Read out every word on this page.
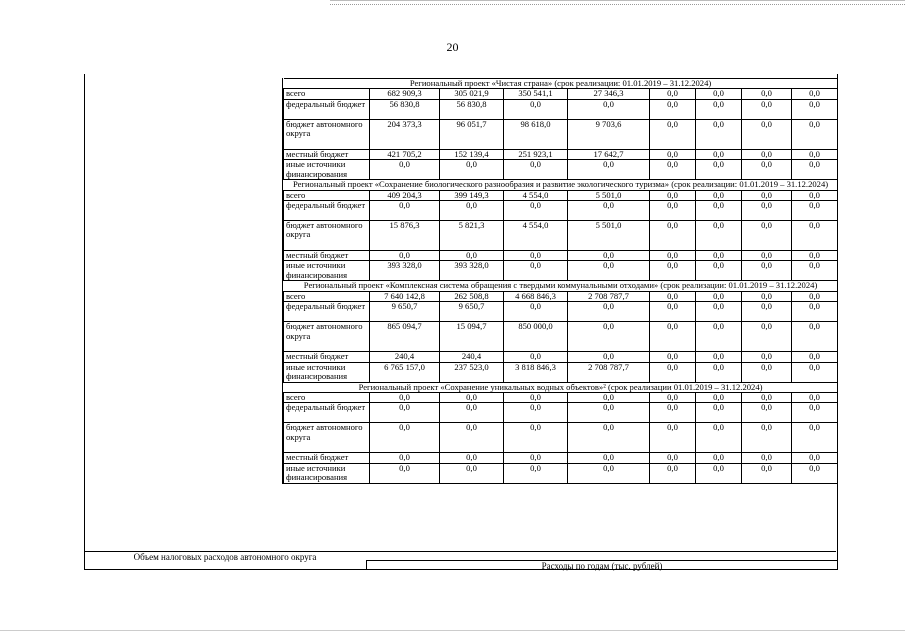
20
Региональный проект «Чистая страна» (срок реализации: 01.01.2019 – 31.12.2024)								
всего	682 909,3	305 021,9	350 541,1	27 346,3	0,0	0,0	0,0	0,0
федеральный бюджет	56 830,8	56 830,8	0,0	0,0	0,0	0,0	0,0	0,0
бюджет автономного округа	204 373,3	96 051,7	98 618,0	9 703,6	0,0	0,0	0,0	0,0
местный бюджет	421 705,2	152 139,4	251 923,1	17 642,7	0,0	0,0	0,0	0,0
иные источники финансирования	0,0	0,0	0,0	0,0	0,0	0,0	0,0	0,0
Региональный проект «Сохранение биологического разнообразия и развитие экологического туризма» (срок реализации: 01.01.2019 – 31.12.2024)								
всего	409 204,3	399 149,3	4 554,0	5 501,0	0,0	0,0	0,0	0,0
федеральный бюджет	0,0	0,0	0,0	0,0	0,0	0,0	0,0	0,0
бюджет автономного округа	15 876,3	5 821,3	4 554,0	5 501,0	0,0	0,0	0,0	0,0
местный бюджет	0,0	0,0	0,0	0,0	0,0	0,0	0,0	0,0
иные источники финансирования	393 328,0	393 328,0	0,0	0,0	0,0	0,0	0,0	0,0
Региональный проект «Комплексная система обращения с твердыми коммунальными отходами» (срок реализации: 01.01.2019 – 31.12.2024)								
всего	7 640 142,8	262 508,8	4 668 846,3	2 708 787,7	0,0	0,0	0,0	0,0
федеральный бюджет	9 650,7	9 650,7	0,0	0,0	0,0	0,0	0,0	0,0
бюджет автономного округа	865 094,7	15 094,7	850 000,0	0,0	0,0	0,0	0,0	0,0
местный бюджет	240,4	240,4	0,0	0,0	0,0	0,0	0,0	0,0
иные источники финансирования	6 765 157,0	237 523,0	3 818 846,3	2 708 787,7	0,0	0,0	0,0	0,0
Региональный проект «Сохранение уникальных водных объектов»² (срок реализации 01.01.2019 – 31.12.2024)								
всего	0,0	0,0	0,0	0,0	0,0	0,0	0,0	0,0
федеральный бюджет	0,0	0,0	0,0	0,0	0,0	0,0	0,0	0,0
бюджет автономного округа	0,0	0,0	0,0	0,0	0,0	0,0	0,0	0,0
местный бюджет	0,0	0,0	0,0	0,0	0,0	0,0	0,0	0,0
иные источники финансирования	0,0	0,0	0,0	0,0	0,0	0,0	0,0	0,0
Объем налоговых расходов автономного округа
Расходы по годам (тыс. рублей)
